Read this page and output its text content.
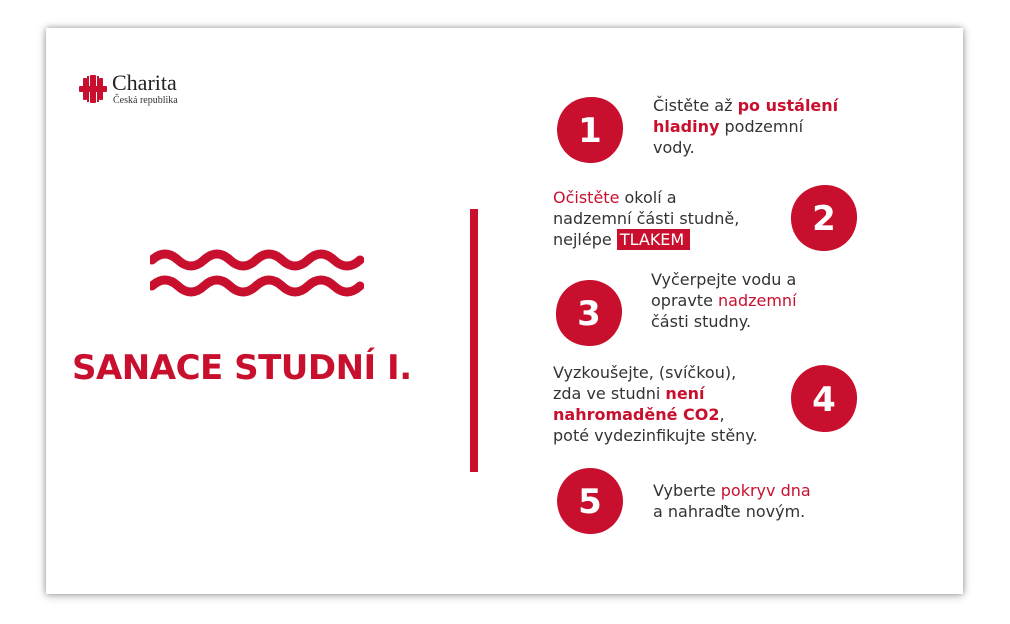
Charita
Česká republika
SANACE STUDNÍ I.
1
Čistěte až po ustálení
hladiny podzemní
vody.
2
Očistěte okolí a
nadzemní části studně,
nejlépe TLAKEM
3
Vyčerpejte vodu a
opravte nadzemní
části studny.
4
Vyzkoušejte, (svíčkou),
zda ve studni není
nahromaděné CO2,
poté vydezinfikujte stěny.
5	Vyberte pokryv dna
a nahraďte novým.
